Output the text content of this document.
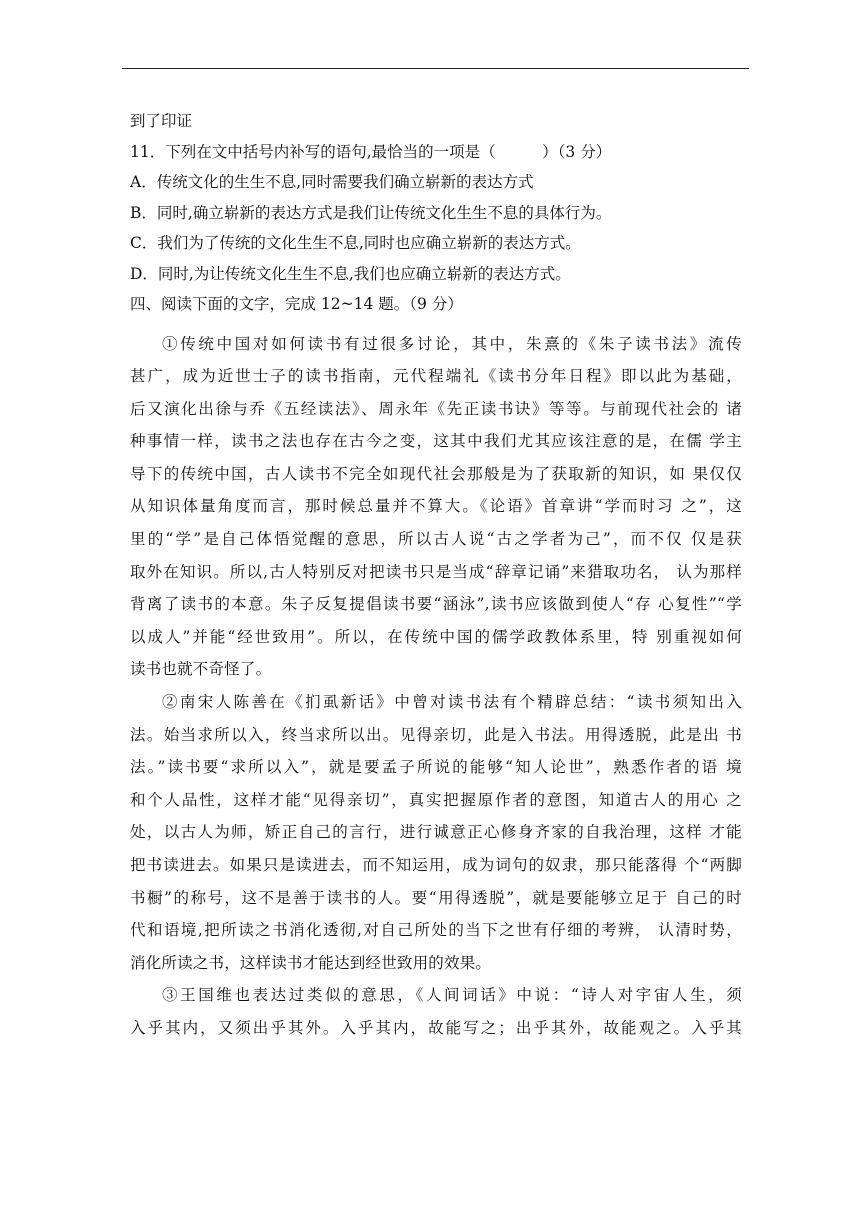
到了印证
11．下列在文中括号内补写的语句,最恰当的一项是（　　　）（3 分）
A．传统文化的生生不息,同时需要我们确立崭新的表达方式
B．同时,确立崭新的表达方式是我们让传统文化生生不息的具体行为。
C．我们为了传统的文化生生不息,同时也应确立崭新的表达方式。
D．同时,为让传统文化生生不息,我们也应确立崭新的表达方式。
四、阅读下面的文字，完成 12~14 题。（9 分）
①传统中国对如何读书有过很多讨论，其中，朱熹的《朱子读书法》流传
甚广，成为近世士子的读书指南，元代程端礼《读书分年日程》即以此为基础，
后又演化出徐与乔《五经读法》、周永年《先正读书诀》等等。与前现代社会的 诸
种事情一样，读书之法也存在古今之变，这其中我们尤其应该注意的是，在儒 学主
导下的传统中国，古人读书不完全如现代社会那般是为了获取新的知识，如 果仅仅
从知识体量角度而言，那时候总量并不算大。《论语》首章讲“学而时习 之”，这
里的“学”是自己体悟觉醒的意思，所以古人说“古之学者为己”，而不仅 仅是获
取外在知识。所以,古人特别反对把读书只是当成“辞章记诵”来猎取功名， 认为那样
背离了读书的本意。朱子反复提倡读书要“涵泳”,读书应该做到使人“存 心复性”“学
以成人”并能“经世致用”。所以，在传统中国的儒学政教体系里，特 别重视如何
读书也就不奇怪了。
②南宋人陈善在《扪虱新话》中曾对读书法有个精辟总结：“读书须知出入
法。始当求所以入，终当求所以出。见得亲切，此是入书法。用得透脱，此是出 书
法。”读书要“求所以入”，就是要孟子所说的能够“知人论世”，熟悉作者的语 境
和个人品性，这样才能“见得亲切”，真实把握原作者的意图，知道古人的用心 之
处，以古人为师，矫正自己的言行，进行诚意正心修身齐家的自我治理，这样 才能
把书读进去。如果只是读进去，而不知运用，成为词句的奴隶，那只能落得 个“两脚
书橱”的称号，这不是善于读书的人。要“用得透脱”，就是要能够立足于 自己的时
代和语境,把所读之书消化透彻,对自己所处的当下之世有仔细的考辨， 认清时势，
消化所读之书，这样读书才能达到经世致用的效果。
③王国维也表达过类似的意思，《人间词话》中说：“诗人对宇宙人生，须
入乎其内，又须出乎其外。入乎其内，故能写之；出乎其外，故能观之。入乎其
